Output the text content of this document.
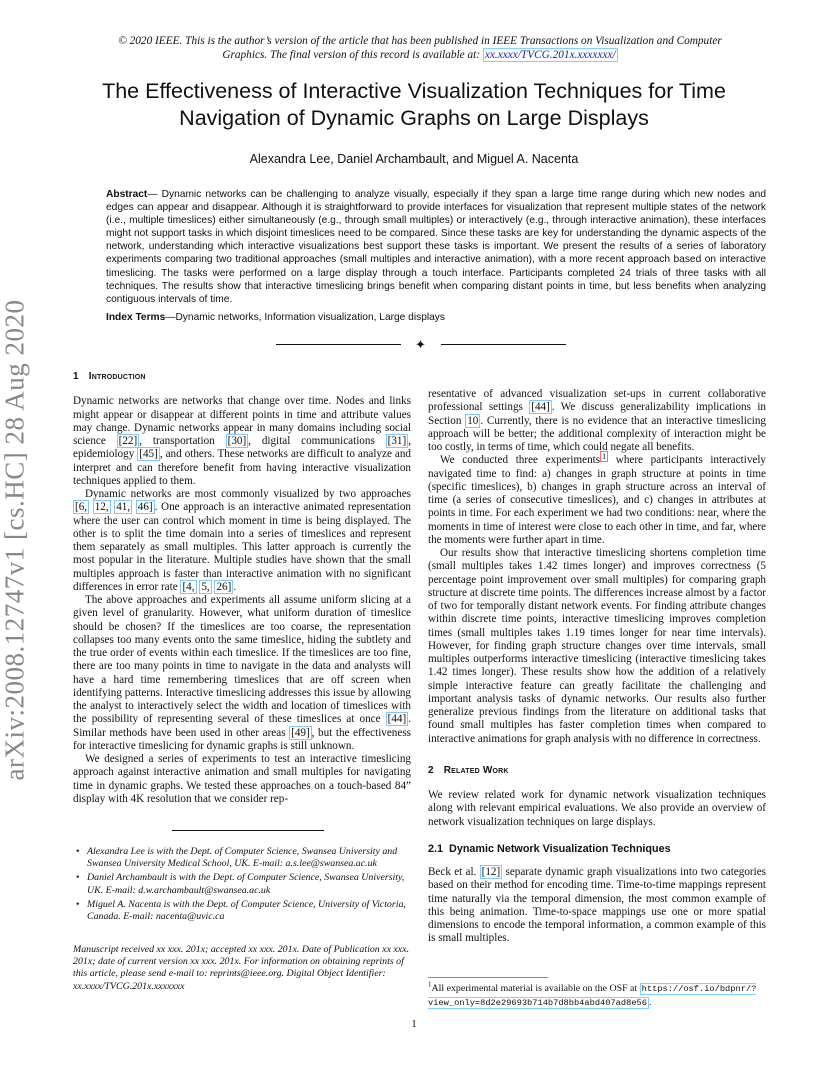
arXiv:2008.12747v1 [cs.HC] 28 Aug 2020
© 2020 IEEE. This is the author’s version of the article that has been published in IEEE Transactions on Visualization and Computer Graphics. The final version of this record is available at: xx.xxxx/TVCG.201x.xxxxxxx/
The Effectiveness of Interactive Visualization Techniques for Time Navigation of Dynamic Graphs on Large Displays
Alexandra Lee, Daniel Archambault, and Miguel A. Nacenta

Abstract— Dynamic networks can be challenging to analyze visually, especially if they span a large time range during which new nodes and edges can appear and disappear. Although it is straightforward to provide interfaces for visualization that represent multiple states of the network (i.e., multiple timeslices) either simultaneously (e.g., through small multiples) or interactively (e.g., through interactive animation), these interfaces might not support tasks in which disjoint timeslices need to be compared. Since these tasks are key for understanding the dynamic aspects of the network, understanding which interactive visualizations best support these tasks is important. We present the results of a series of laboratory experiments comparing two traditional approaches (small multiples and interactive animation), with a more recent approach based on interactive timeslicing. The tasks were performed on a large display through a touch interface. Participants completed 24 trials of three tasks with all techniques. The results show that interactive timeslicing brings benefit when comparing distant points in time, but less benefits when analyzing contiguous intervals of time.

Index Terms—Dynamic networks, Information visualization, Large displays

✦
1 Introduction

Dynamic networks are networks that change over time. Nodes and links might appear or disappear at different points in time and attribute values may change. Dynamic networks appear in many domains including social science [22] , transportation [30] , digital communications [31] , epidemiology [45] , and others. These networks are difficult to analyze and interpret and can therefore benefit from having interactive visualization techniques applied to them.

Dynamic networks are most commonly visualized by two approaches [6, 12, 41, 46] . One approach is an interactive animated representation where the user can control which moment in time is being displayed. The other is to split the time domain into a series of timeslices and represent them separately as small multiples. This latter approach is currently the most popular in the literature. Multiple studies have shown that the small multiples approach is faster than interactive animation with no significant differences in error rate [4, 5, 26] .

The above approaches and experiments all assume uniform slicing at a given level of granularity. However, what uniform duration of timeslice should be chosen? If the timeslices are too coarse, the representation collapses too many events onto the same timeslice, hiding the subtlety and the true order of events within each timeslice. If the timeslices are too fine, there are too many points in time to navigate in the data and analysts will have a hard time remembering timeslices that are off screen when identifying patterns. Interactive timeslicing addresses this issue by allowing the analyst to interactively select the width and location of timeslices with the possibility of representing several of these timeslices at once [44] . Similar methods have been used in other areas [49] , but the effectiveness for interactive timeslicing for dynamic graphs is still unknown.

We designed a series of experiments to test an interactive timeslicing approach against interactive animation and small multiples for navigating time in dynamic graphs. We tested these approaches on a touch-based 84” display with 4K resolution that we consider rep-

• Alexandra Lee is with the Dept. of Computer Science, Swansea University and Swansea University Medical School, UK. E-mail: a.s.lee@swansea.ac.uk
• Daniel Archambault is with the Dept. of Computer Science, Swansea University, UK. E-mail: d.w.archambault@swansea.ac.uk
• Miguel A. Nacenta is with the Dept. of Computer Science, University of Victoria, Canada. E-mail: nacenta@uvic.ca

Manuscript received xx xxx. 201x; accepted xx xxx. 201x. Date of Publication xx xxx. 201x; date of current version xx xxx. 201x. For information on obtaining reprints of this article, please send e-mail to: reprints@ieee.org. Digital Object Identifier: xx.xxxx/TVCG.201x.xxxxxxx

resentative of advanced visualization set-ups in current collaborative professional settings [44] . We discuss generalizability implications in Section 10 . Currently, there is no evidence that an interactive timeslicing approach will be better; the additional complexity of interaction might be too costly, in terms of time, which could negate all benefits.

We conducted three experiments $^1$ where participants interactively navigated time to find: a) changes in graph structure at points in time (specific timeslices), b) changes in graph structure across an interval of time (a series of consecutive timeslices), and c) changes in attributes at points in time. For each experiment we had two conditions: near, where the moments in time of interest were close to each other in time, and far, where the moments were further apart in time.

Our results show that interactive timeslicing shortens completion time (small multiples takes 1.42 times longer) and improves correctness (5 percentage point improvement over small multiples) for comparing graph structure at discrete time points. The differences increase almost by a factor of two for temporally distant network events. For finding attribute changes within discrete time points, interactive timeslicing improves completion times (small multiples takes 1.19 times longer for near time intervals). However, for finding graph structure changes over time intervals, small multiples outperforms interactive timeslicing (interactive timeslicing takes 1.42 times longer). These results show how the addition of a relatively simple interactive feature can greatly facilitate the challenging and important analysis tasks of dynamic networks. Our results also further generalize previous findings from the literature on additional tasks that found small multiples has faster completion times when compared to interactive animations for graph analysis with no difference in correctness.

2 Related Work

We review related work for dynamic network visualization techniques along with relevant empirical evaluations. We also provide an overview of network visualization techniques on large displays.

2.1 Dynamic Network Visualization Techniques

Beck et al. [12] separate dynamic graph visualizations into two categories based on their method for encoding time. Time-to-time mappings represent time naturally via the temporal dimension, the most common example of this being animation. Time-to-space mappings use one or more spatial dimensions to encode the temporal information, a common example of this is small multiples.

$^1$All experimental material is available on the OSF at https://osf.io/bdpnr/?view_only=8d2e29693b714b7d8bb4abd407ad8e56 .

1
